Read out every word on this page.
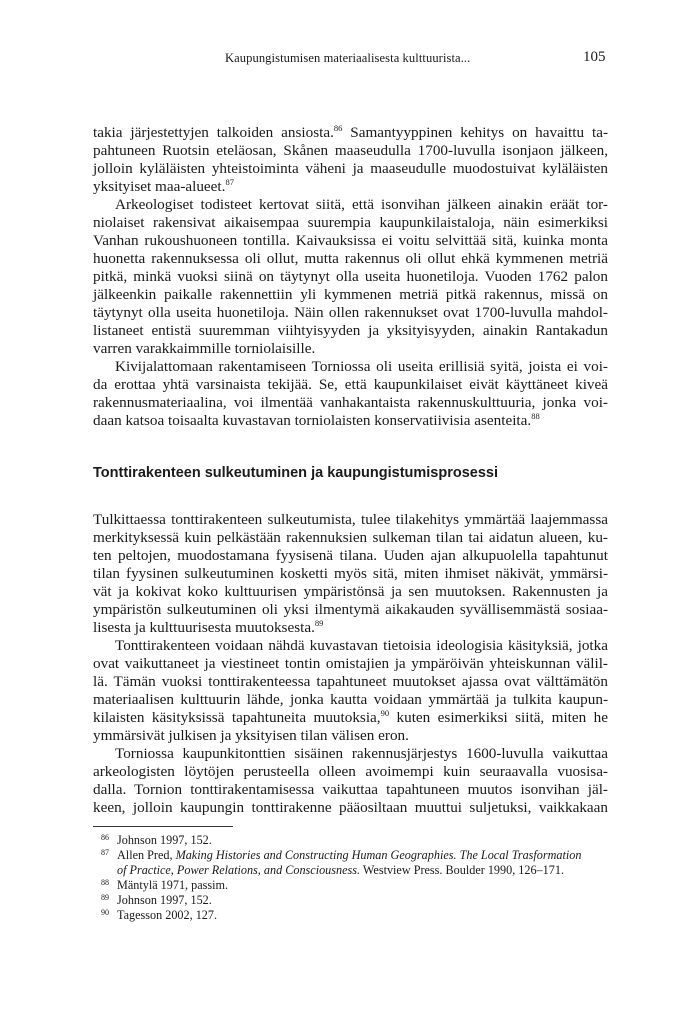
Kaupungistumisen materiaalisesta kulttuurista...	105
takia järjestettyjen talkoiden ansiosta.$^{86}$ Samantyyppinen kehitys on havaittu ta-
pahtuneen Ruotsin eteläosan, Skånen maaseudulla 1700-luvulla isonjaon jälkeen,
jolloin kyläläisten yhteistoiminta väheni ja maaseudulle muodostuivat kyläläisten
yksityiset maa-alueet.$^{87}$
Arkeologiset todisteet kertovat siitä, että isonvihan jälkeen ainakin eräät tor-
niolaiset rakensivat aikaisempaa suurempia kaupunkilaistaloja, näin esimerkiksi
Vanhan rukoushuoneen tontilla. Kaivauksissa ei voitu selvittää sitä, kuinka monta
huonetta rakennuksessa oli ollut, mutta rakennus oli ollut ehkä kymmenen metriä
pitkä, minkä vuoksi siinä on täytynyt olla useita huonetiloja. Vuoden 1762 palon
jälkeenkin paikalle rakennettiin yli kymmenen metriä pitkä rakennus, missä on
täytynyt olla useita huonetiloja. Näin ollen rakennukset ovat 1700-luvulla mahdol-
listaneet entistä suuremman viihtyisyyden ja yksityisyyden, ainakin Rantakadun
varren varakkaimmille torniolaisille.
Kivijalattomaan rakentamiseen Torniossa oli useita erillisiä syitä, joista ei voi-
da erottaa yhtä varsinaista tekijää. Se, että kaupunkilaiset eivät käyttäneet kiveä
rakennusmateriaalina, voi ilmentää vanhakantaista rakennuskulttuuria, jonka voi-
daan katsoa toisaalta kuvastavan torniolaisten konservatiivisia asenteita.$^{88}$
Tonttirakenteen sulkeutuminen ja kaupungistumisprosessi
Tulkittaessa tonttirakenteen sulkeutumista, tulee tilakehitys ymmärtää laajemmassa
merkityksessä kuin pelkästään rakennuksien sulkeman tilan tai aidatun alueen, ku-
ten peltojen, muodostamana fyysisenä tilana. Uuden ajan alkupuolella tapahtunut
tilan fyysinen sulkeutuminen kosketti myös sitä, miten ihmiset näkivät, ymmärsi-
vät ja kokivat koko kulttuurisen ympäristönsä ja sen muutoksen. Rakennusten ja
ympäristön sulkeutuminen oli yksi ilmentymä aikakauden syvällisemmästä sosiaa-
lisesta ja kulttuurisesta muutoksesta.$^{89}$
Tonttirakenteen voidaan nähdä kuvastavan tietoisia ideologisia käsityksiä, jotka
ovat vaikuttaneet ja viestineet tontin omistajien ja ympäröivän yhteiskunnan välil-
lä. Tämän vuoksi tonttirakenteessa tapahtuneet muutokset ajassa ovat välttämätön
materiaalisen kulttuurin lähde, jonka kautta voidaan ymmärtää ja tulkita kaupun-
kilaisten käsityksissä tapahtuneita muutoksia,$^{90}$ kuten esimerkiksi siitä, miten he
ymmärsivät julkisen ja yksityisen tilan välisen eron.
Torniossa kaupunkitonttien sisäinen rakennusjärjestys 1600-luvulla vaikuttaa
arkeologisten löytöjen perusteella olleen avoimempi kuin seuraavalla vuosisa-
dalla. Tornion tonttirakentamisessa vaikuttaa tapahtuneen muutos isonvihan jäl-
keen, jolloin kaupungin tonttirakenne pääosiltaan muuttui suljetuksi, vaikkakaan
86 Johnson 1997, 152.
87 Allen Pred, Making Histories and Constructing Human Geographies. The Local Trasformation
of Practice, Power Relations, and Consciousness. Westview Press. Boulder 1990, 126–171.
88 Mäntylä 1971, passim.
89 Johnson 1997, 152.
90 Tagesson 2002, 127.
